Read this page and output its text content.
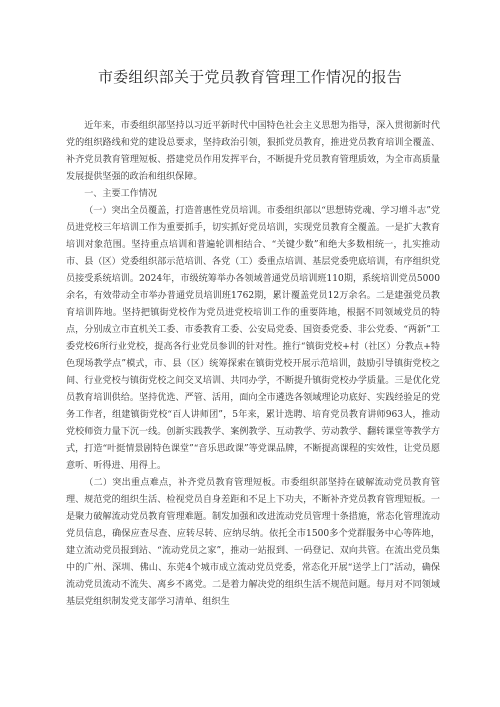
市委组织部关于党员教育管理工作情况的报告

近年来，市委组织部坚持以习近平新时代中国特色社会主义思想为指导，深入贯彻新时代党的组织路线和党的建设总要求，坚持政治引领，狠抓党员教育，推进党员教育培训全覆盖、补齐党员教育管理短板、搭建党员作用发挥平台，不断提升党员教育管理质效，为全市高质量发展提供坚强的政治和组织保障。

一、主要工作情况

（一）突出全员覆盖，打造普惠性党员培训。市委组织部以“思想铸党魂、学习增斗志”党员进党校三年培训工作为重要抓手，切实抓好党员培训，实现党员教育全覆盖。一是扩大教育培训对象范围。坚持重点培训和普遍轮训相结合、“关键少数”和绝大多数相统一，扎实推动市、县（区）党委组织部示范培训、各党（工）委重点培训、基层党委兜底培训，有序组织党员接受系统培训。2024年，市级统筹举办各领域普通党员培训班110期，系统培训党员5000余名，有效带动全市举办普通党员培训班1762期，累计覆盖党员12万余名。二是建强党员教育培训阵地。坚持把镇街党校作为党员进党校培训工作的重要阵地，根据不同领域党员的特点，分别成立市直机关工委、市委教育工委、公安局党委、国资委党委、非公党委、“两新”工委党校6所行业党校，提高各行业党员参训的针对性。推行“镇街党校+村（社区）分教点+特色现场教学点”模式，市、县（区）统筹探索在镇街党校开展示范培训，鼓励引导镇街党校之间、行业党校与镇街党校之间交叉培训、共同办学，不断提升镇街党校办学质量。三是优化党员教育培训供给。坚持优选、严管、活用，面向全市遴选各领域理论功底好、实践经验足的党务工作者，组建镇街党校“百人讲师团”，5年来，累计选聘、培育党员教育讲师963人，推动党校师资力量下沉一线。创新实践教学、案例教学、互动教学、劳动教学、翻转课堂等教学方式，打造“叶挺情景剧特色课堂”“音乐思政课”等党课品牌，不断提高课程的实效性，让党员愿意听、听得进、用得上。

（二）突出重点难点，补齐党员教育管理短板。市委组织部坚持在破解流动党员教育管理、规范党的组织生活、检视党员自身差距和不足上下功夫，不断补齐党员教育管理短板。一是聚力破解流动党员教育管理难题。制发加强和改进流动党员管理十条措施，常态化管理流动党员信息，确保应查尽查、应转尽转、应纳尽纳。依托全市1500多个党群服务中心等阵地，建立流动党员报到站、“流动党员之家”，推动一站报到、一码登记、双向共管。在流出党员集中的广州、深圳、佛山、东莞4个城市成立流动党员党委，常态化开展“送学上门”活动，确保流动党员流动不流失、离乡不离党。二是着力解决党的组织生活不规范问题。每月对不同领域基层党组织制发党支部学习清单、组织生
